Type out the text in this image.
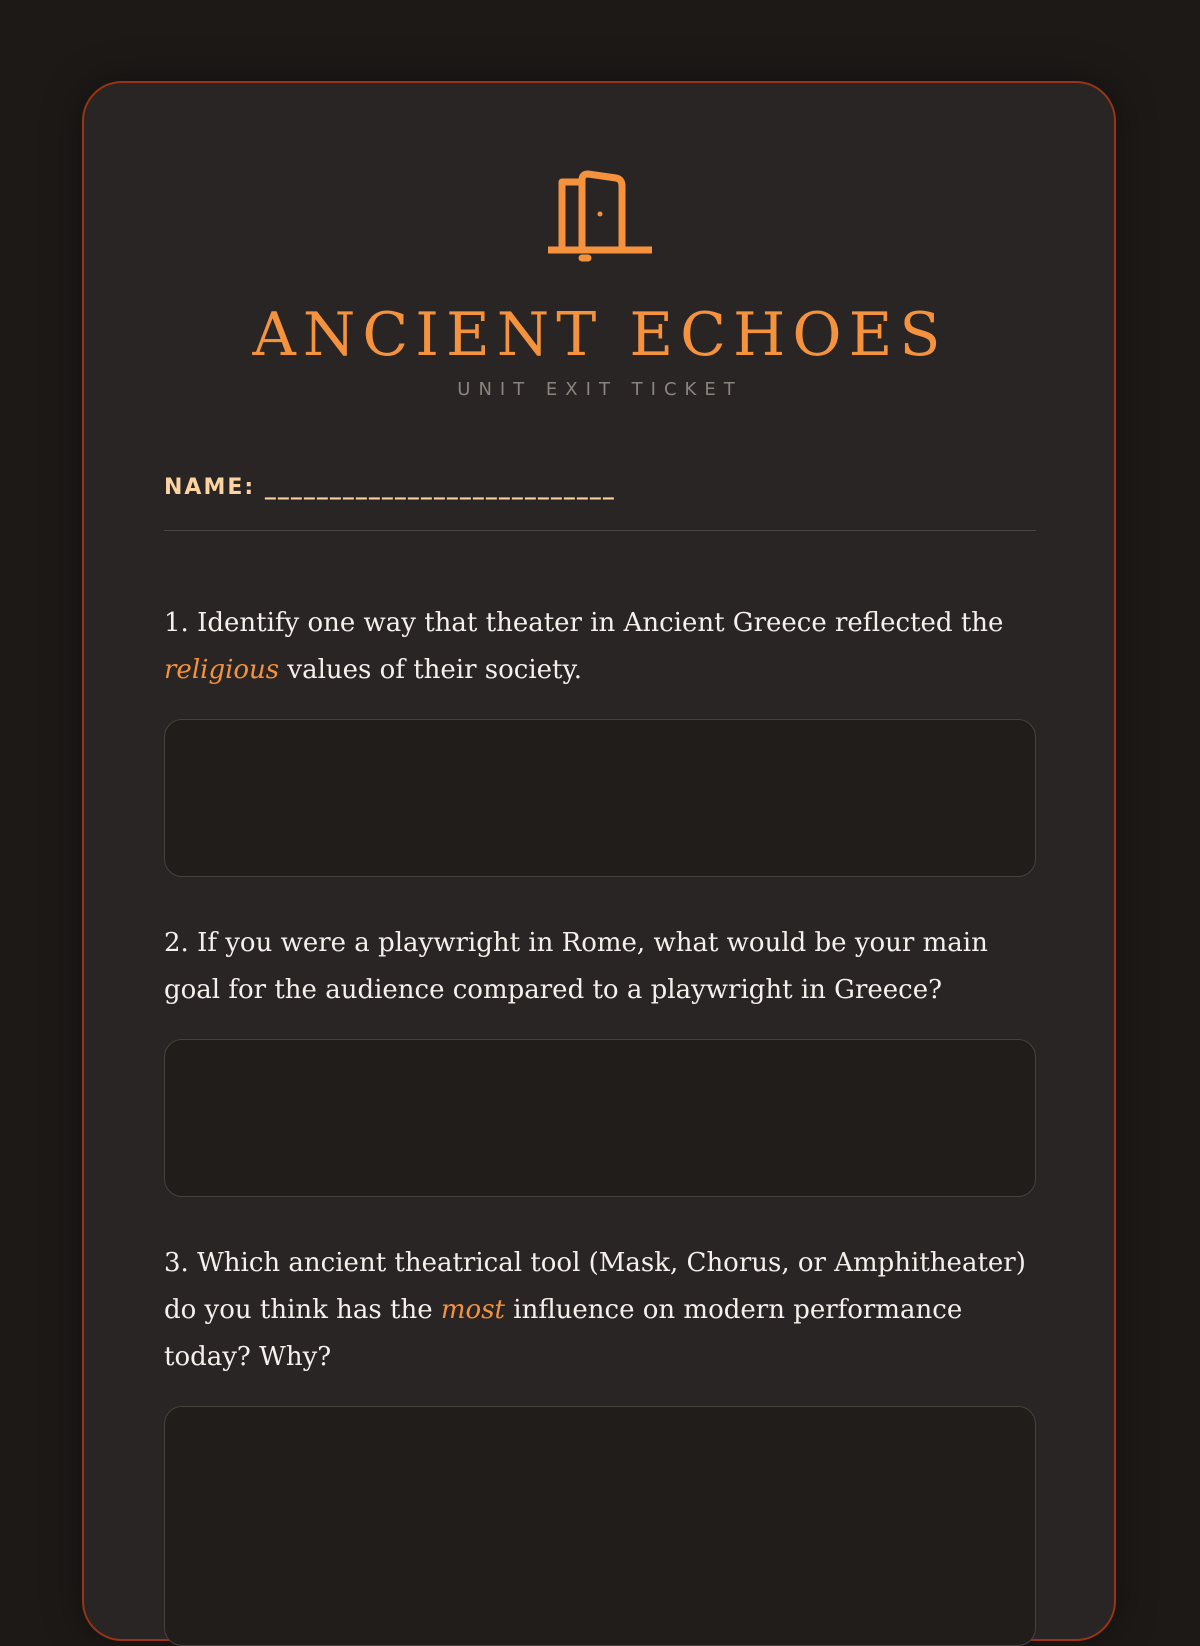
ANCIENT ECHOES
UNIT EXIT TICKET
NAME: ___________________________
1. Identify one way that theater in Ancient Greece reflected the religious values of their society.
2. If you were a playwright in Rome, what would be your main goal for the audience compared to a playwright in Greece?
3. Which ancient theatrical tool (Mask, Chorus, or Amphitheater) do you think has the most influence on modern performance today? Why?
